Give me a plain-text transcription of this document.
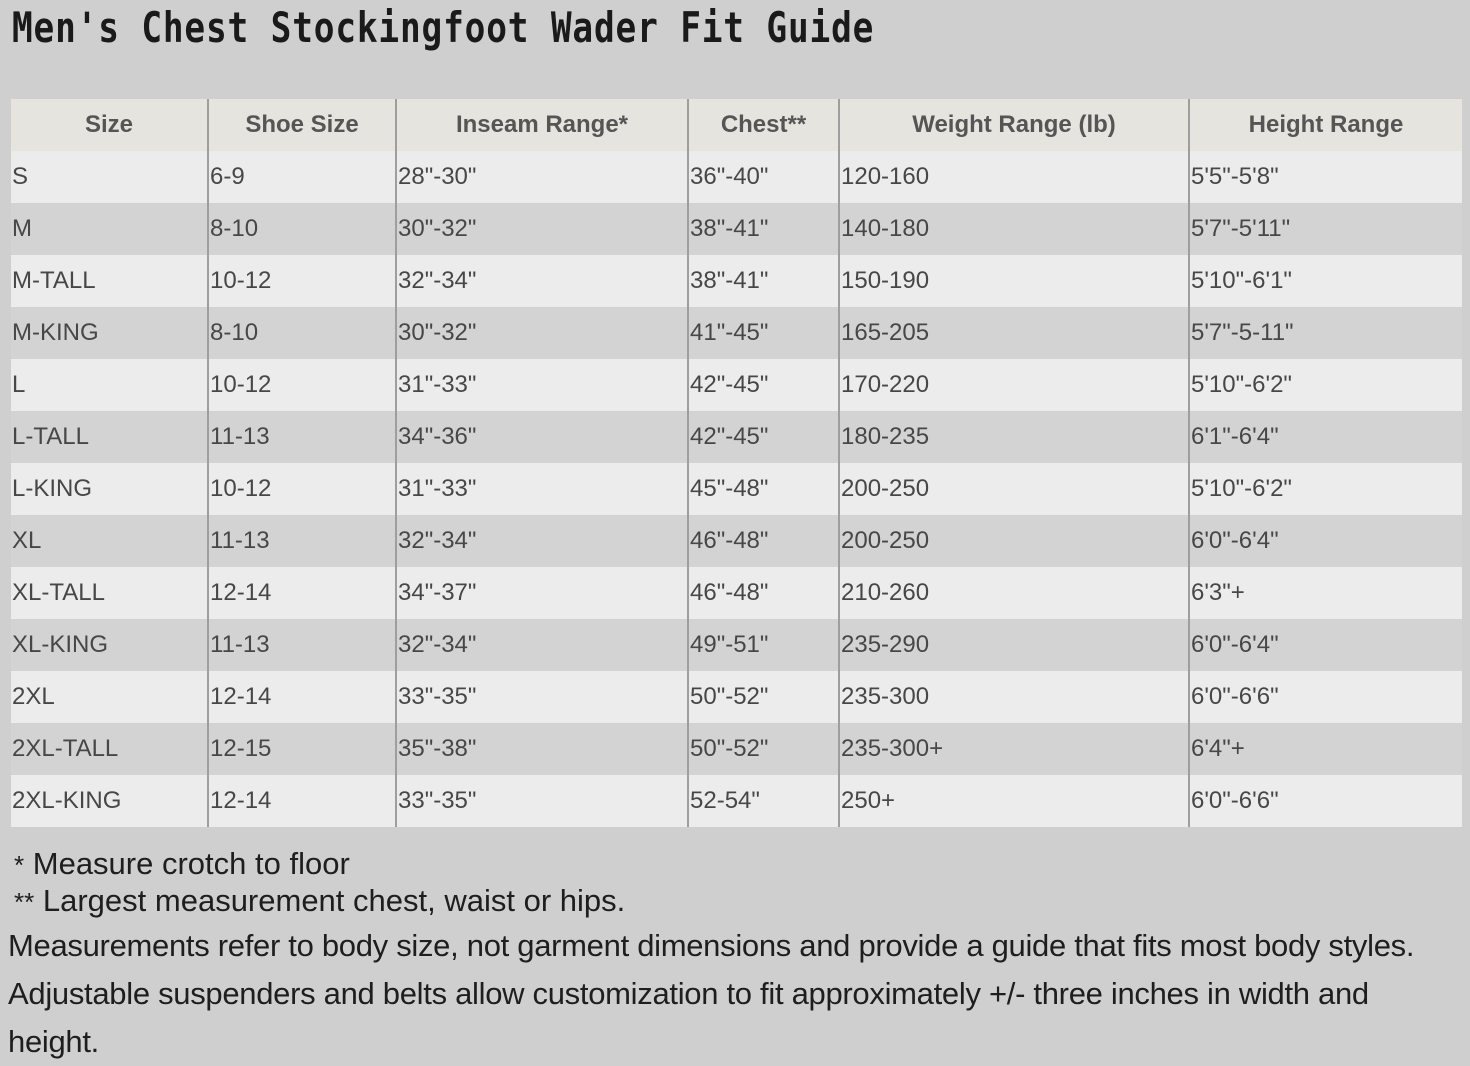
Men's Chest Stockingfoot Wader Fit Guide
Size	Shoe Size	Inseam Range*	Chest**	Weight Range (lb)	Height Range
S	6-9	28"-30"	36"-40"	120-160	5'5"-5'8"
M	8-10	30"-32"	38"-41"	140-180	5'7"-5'11"
M-TALL	10-12	32"-34"	38"-41"	150-190	5'10"-6'1"
M-KING	8-10	30"-32"	41"-45"	165-205	5'7"-5-11"
L	10-12	31"-33"	42"-45"	170-220	5'10"-6'2"
L-TALL	11-13	34"-36"	42"-45"	180-235	6'1"-6'4"
L-KING	10-12	31"-33"	45"-48"	200-250	5'10"-6'2"
XL	11-13	32"-34"	46"-48"	200-250	6'0"-6'4"
XL-TALL	12-14	34"-37"	46"-48"	210-260	6'3"+
XL-KING	11-13	32"-34"	49"-51"	235-290	6'0"-6'4"
2XL	12-14	33"-35"	50"-52"	235-300	6'0"-6'6"
2XL-TALL	12-15	35"-38"	50"-52"	235-300+	6'4"+
2XL-KING	12-14	33"-35"	52-54"	250+	6'0"-6'6"
* Measure crotch to floor
** Largest measurement chest, waist or hips.
Measurements refer to body size, not garment dimensions and provide a guide that fits most body styles. Adjustable suspenders and belts allow customization to fit approximately +/- three inches in width and height.
